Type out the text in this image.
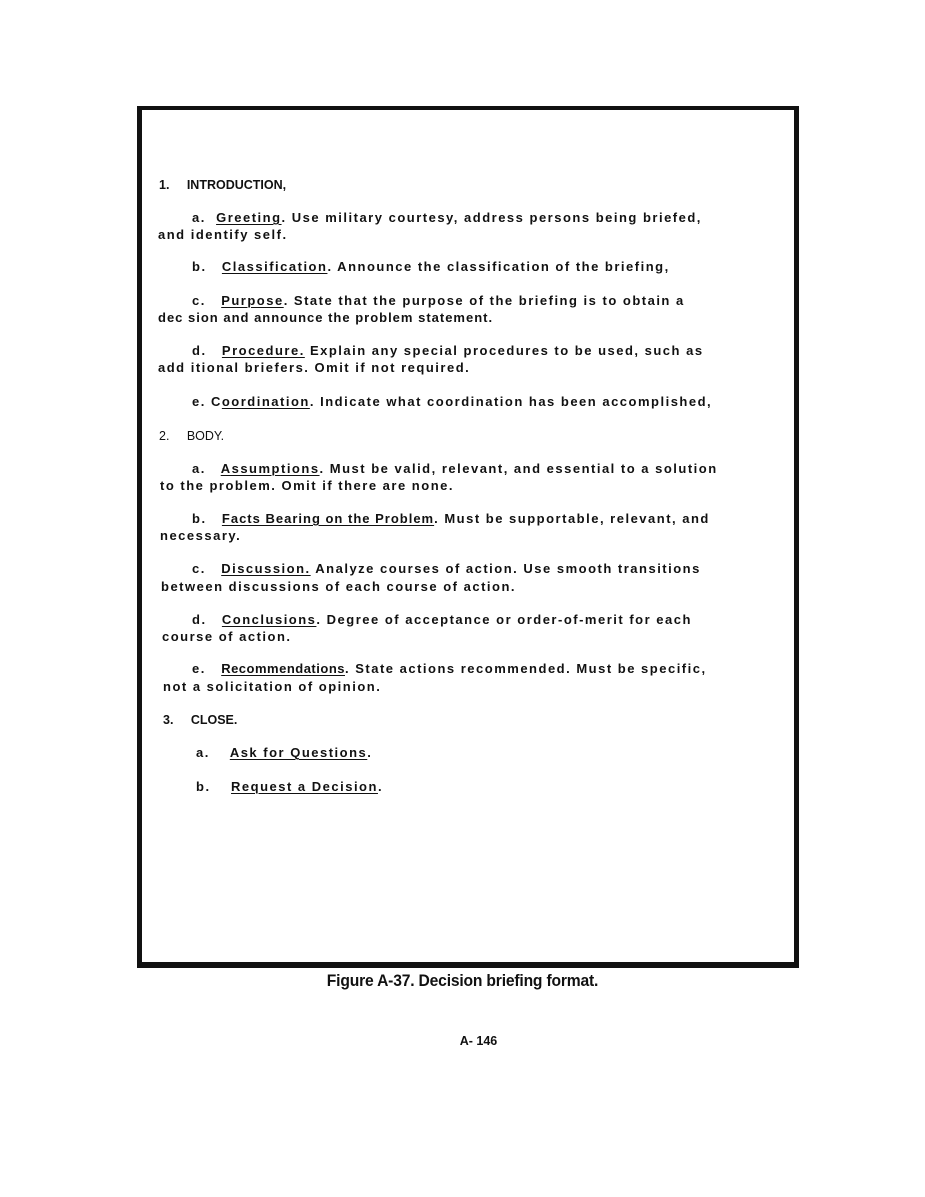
1. INTRODUCTION,
a. Greeting. Use military courtesy, address persons being briefed,
and identify self.
b. Classification. Announce the classification of the briefing,
c. Purpose. State that the purpose of the briefing is to obtain a
dec sion and announce the problem statement.
d. Procedure. Explain any special procedures to be used, such as
add itional briefers. Omit if not required.
e. Coordination. Indicate what coordination has been accomplished,
2. BODY.
a. Assumptions. Must be valid, relevant, and essential to a solution
to the problem. Omit if there are none.
b. Facts Bearing on the Problem. Must be supportable, relevant, and
necessary.
c. Discussion. Analyze courses of action. Use smooth transitions
between discussions of each course of action.
d. Conclusions. Degree of acceptance or order-of-merit for each
course of action.
e. Recommendations. State actions recommended. Must be specific,
not a solicitation of opinion.
3. CLOSE.
a. Ask for Questions.
b. Request a Decision.
Figure A-37. Decision briefing format.
A- 146
